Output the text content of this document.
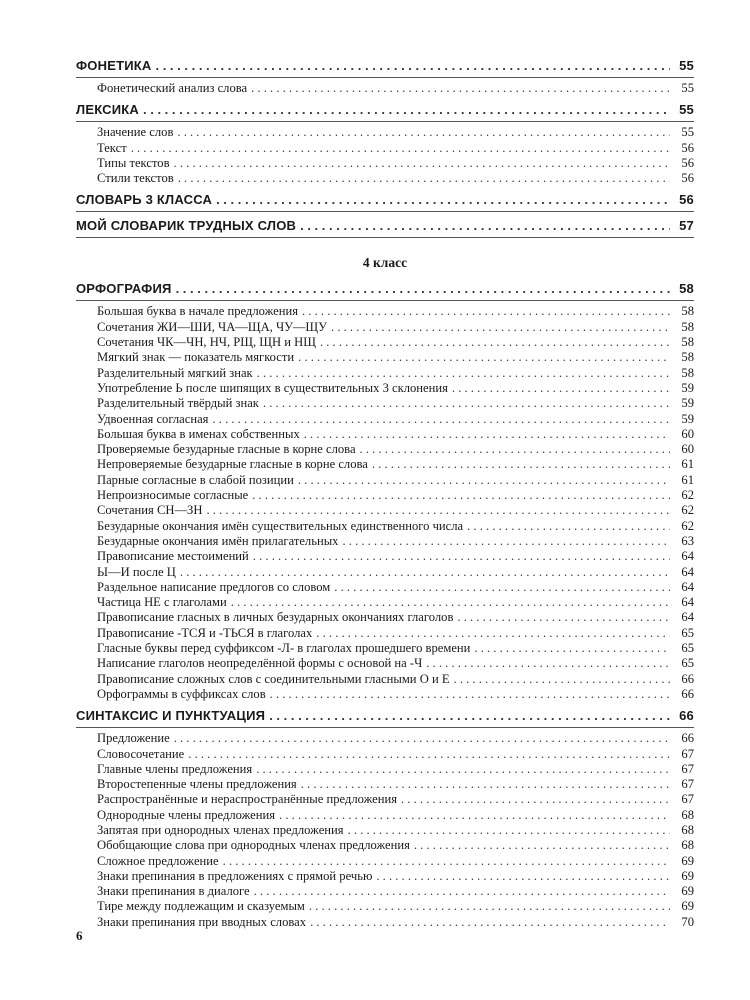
ФОНЕТИКА . . .	55
Фонетический анализ слова . . .	55
ЛЕКСИКА . . .	55
Значение слов . . .	55
Текст . . .	56
Типы текстов . . .	56
Стили текстов . . .	56
СЛОВАРЬ 3 КЛАССА . . .	56
МОЙ СЛОВАРИК ТРУДНЫХ СЛОВ . . .	57
4 класс
ОРФОГРАФИЯ . . .	58
Большая буква в начале предложения . . .	58
Сочетания ЖИ—ШИ, ЧА—ЩА, ЧУ—ЩУ . . .	58
Сочетания ЧК—ЧН, НЧ, РЩ, ЩН и НЩ . . .	58
Мягкий знак — показатель мягкости . . .	58
Разделительный мягкий знак . . .	58
Употребление Ь после шипящих в существительных 3 склонения . . .	59
Разделительный твёрдый знак . . .	59
Удвоенная согласная . . .	59
Большая буква в именах собственных . . .	60
Проверяемые безударные гласные в корне слова . . .	60
Непроверяемые безударные гласные в корне слова . . .	61
Парные согласные в слабой позиции . . .	61
Непроизносимые согласные . . .	62
Сочетания СН—ЗН . . .	62
Безударные окончания имён существительных единственного числа . . .	62
Безударные окончания имён прилагательных . . .	63
Правописание местоимений . . .	64
Ы—И после Ц . . .	64
Раздельное написание предлогов со словом . . .	64
Частица НЕ с глаголами . . .	64
Правописание гласных в личных безударных окончаниях глаголов . . .	64
Правописание -ТСЯ и -ТЬСЯ в глаголах . . .	65
Гласные буквы перед суффиксом -Л- в глаголах прошедшего времени . . .	65
Написание глаголов неопределённой формы с основой на -Ч . . .	65
Правописание сложных слов с соединительными гласными О и Е . . .	66
Орфограммы в суффиксах слов . . .	66
СИНТАКСИС И ПУНКТУАЦИЯ . . .	66
Предложение . . .	66
Словосочетание . . .	67
Главные члены предложения . . .	67
Второстепенные члены предложения . . .	67
Распространённые и нераспространённые предложения . . .	67
Однородные члены предложения . . .	68
Запятая при однородных членах предложения . . .	68
Обобщающие слова при однородных членах предложения . . .	68
Сложное предложение . . .	69
Знаки препинания в предложениях с прямой речью . . .	69
Знаки препинания в диалоге . . .	69
Тире между подлежащим и сказуемым . . .	69
Знаки препинания при вводных словах . . .	70
6
